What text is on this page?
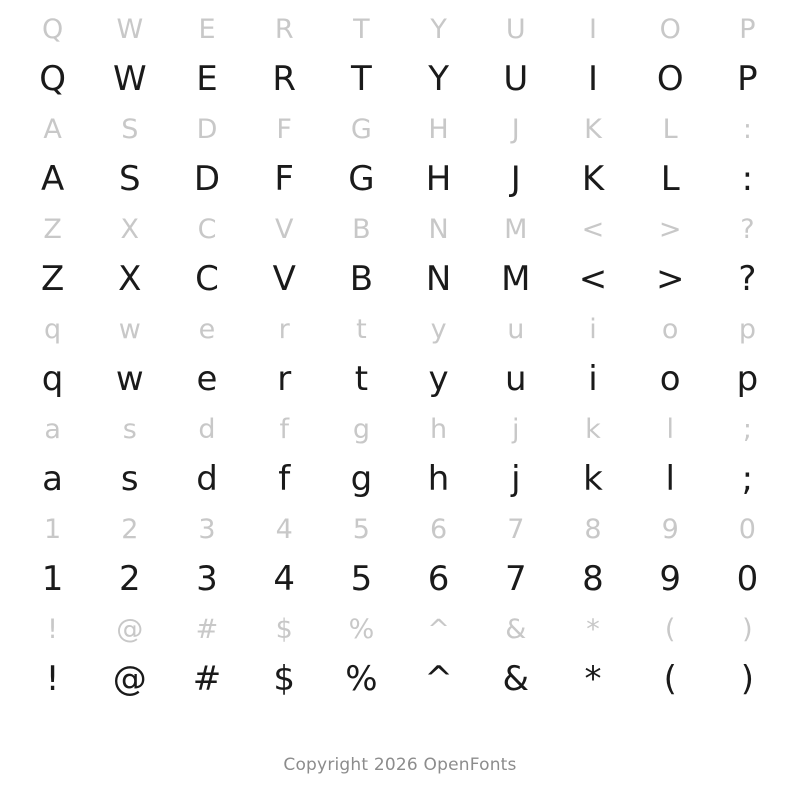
Q	W	E	R	T	Y	U	I	O	P
Q	W	E	R	T	Y	U	I	O	P
A	S	D	F	G	H	J	K	L	:
A	S	D	F	G	H	J	K	L	:
Z	X	C	V	B	N	M	<	>	?
Z	X	C	V	B	N	M	<	>	?
q	w	e	r	t	y	u	i	o	p
q	w	e	r	t	y	u	i	o	p
a	s	d	f	g	h	j	k	l	;
a	s	d	f	g	h	j	k	l	;
1	2	3	4	5	6	7	8	9	0
1	2	3	4	5	6	7	8	9	0
!	@	#	$	%	^	&	*	(	)
!	@	#	$	%	^	&	*	(	)
Copyright 2026 OpenFonts
